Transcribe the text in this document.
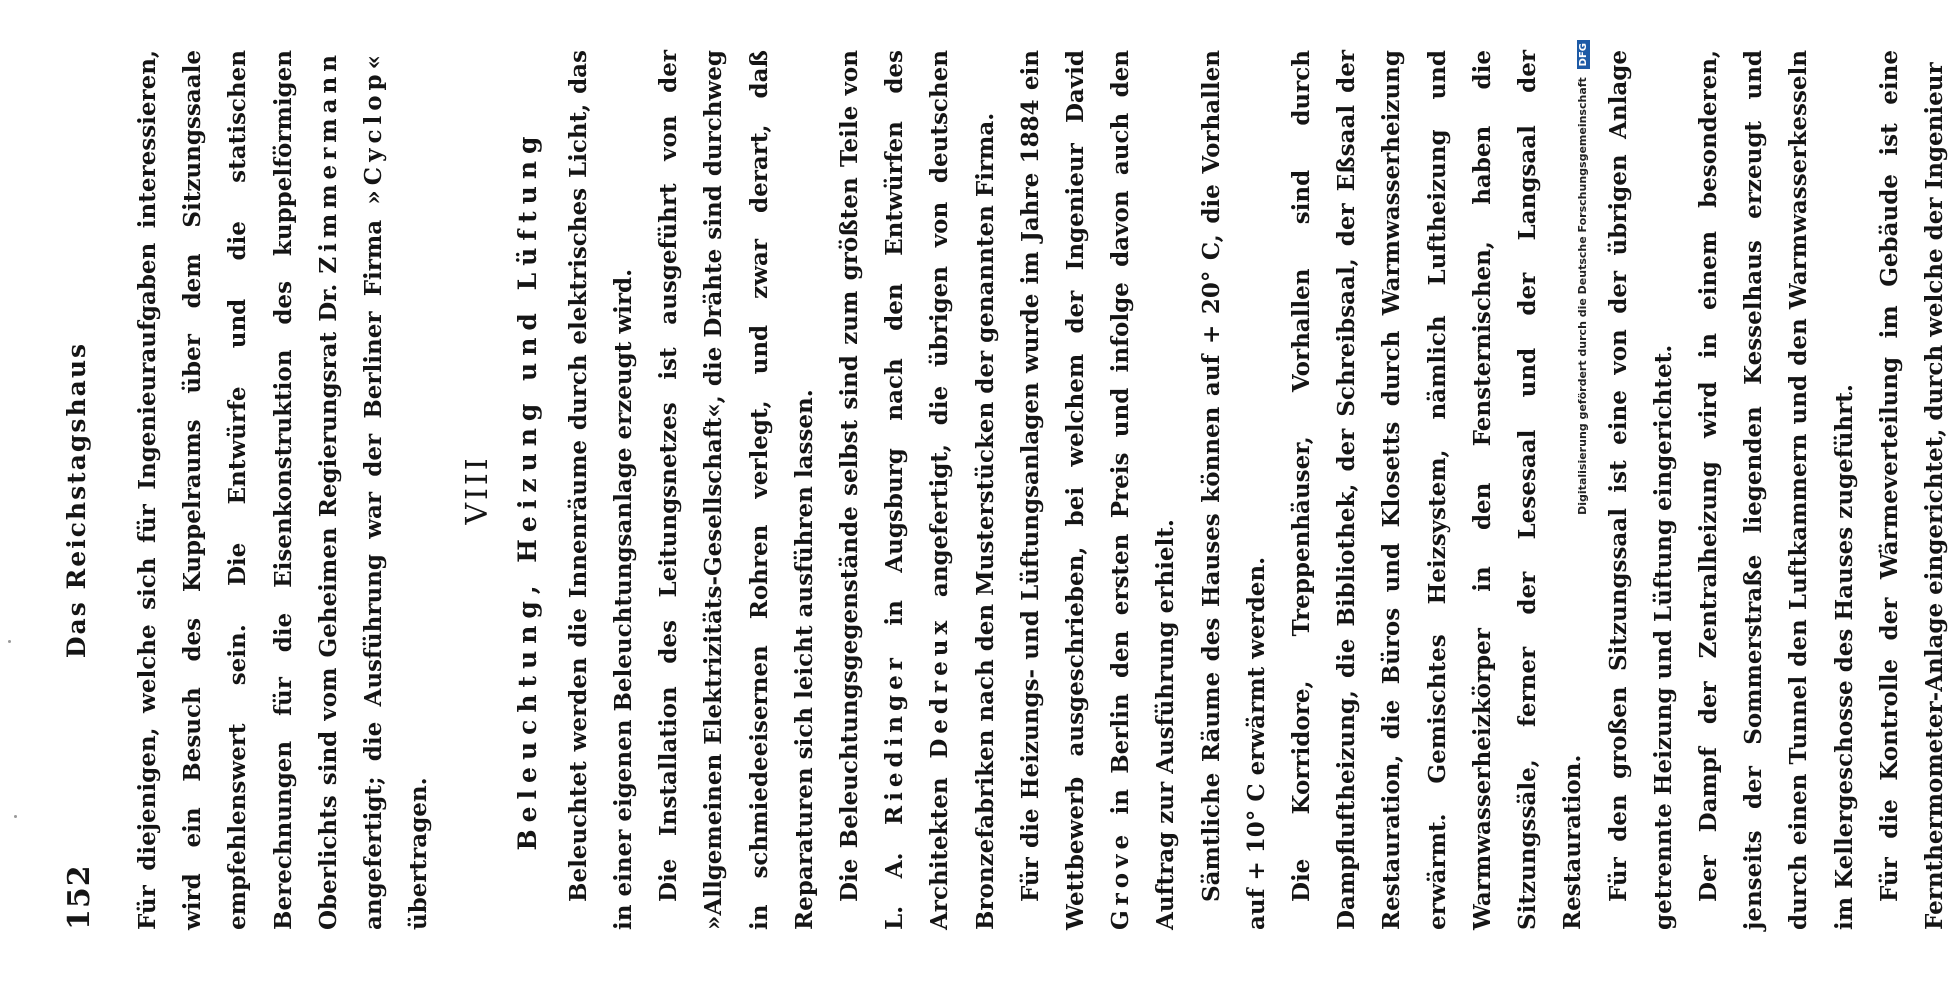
152
Das Reichstagshaus	Für diejenigen, welche sich für Ingenieuraufgaben interessieren, wird ein Besuch des Kuppelraums über dem Sitzungssaale empfehlenswert sein. Die Entwürfe und die statischen Berechnungen für die Eisenkonstruktion des kuppelförmigen Oberlichts sind vom Geheimen Regierungsrat Dr. Zimmermann angefertigt; die Ausführung war der Berliner Firma »Cyclop« übertragen.

VIII Beleuchtung, Heizung und Lüftung	Beleuchtet werden die Innenräume durch elektrisches Licht, das in einer eigenen Beleuchtungsanlage erzeugt wird. Die Installation des Leitungsnetzes ist ausgeführt von der »Allgemeinen Elektrizitäts-Gesellschaft«, die Drähte sind durchweg in schmiedeeisernen Rohren verlegt, und zwar derart, daß Reparaturen sich leicht ausführen lassen. Die Beleuchtungsgegenstände selbst sind zum größten Teile von L. A. Riedinger in Augsburg nach den Entwürfen des Architekten Dedreux angefertigt, die übrigen von deutschen Bronzefabriken nach den Musterstücken der genannten Firma. Für die Heizungs- und Lüftungsanlagen wurde im Jahre 1884 ein Wettbewerb ausgeschrieben, bei welchem der Ingenieur David Grove in Berlin den ersten Preis und infolge davon auch den Auftrag zur Ausführung erhielt. Sämtliche Räume des Hauses können auf + 20° C, die Vorhallen auf + 10° C erwärmt werden. Die Korridore, Treppenhäuser, Vorhallen sind durch Dampfluftheizung, die Bibliothek, der Schreibsaal, der Eßsaal der Restauration, die Büros und Klosetts durch Warmwasserheizung erwärmt. Gemischtes Heizsystem, nämlich Luftheizung und Warmwasserheizkörper in den Fensternischen, haben die Sitzungssäle, ferner der Lesesaal und der Langsaal der Restauration. Für den großen Sitzungssaal ist eine von der übrigen Anlage getrennte Heizung und Lüftung eingerichtet. Der Dampf der Zentralheizung wird in einem besonderen, jenseits der Sommerstraße liegenden Kesselhaus erzeugt und durch einen Tunnel den Luftkammern und den Warmwasserkesseln im Kellergeschosse des Hauses zugeführt. Für die Kontrolle der Wärmeverteilung im Gebäude ist eine Fernthermometer-Anlage eingerichtet, durch welche der Ingenieur

Digitalisierung gefördert durch die Deutsche Forschungsgemeinschaft DFG
